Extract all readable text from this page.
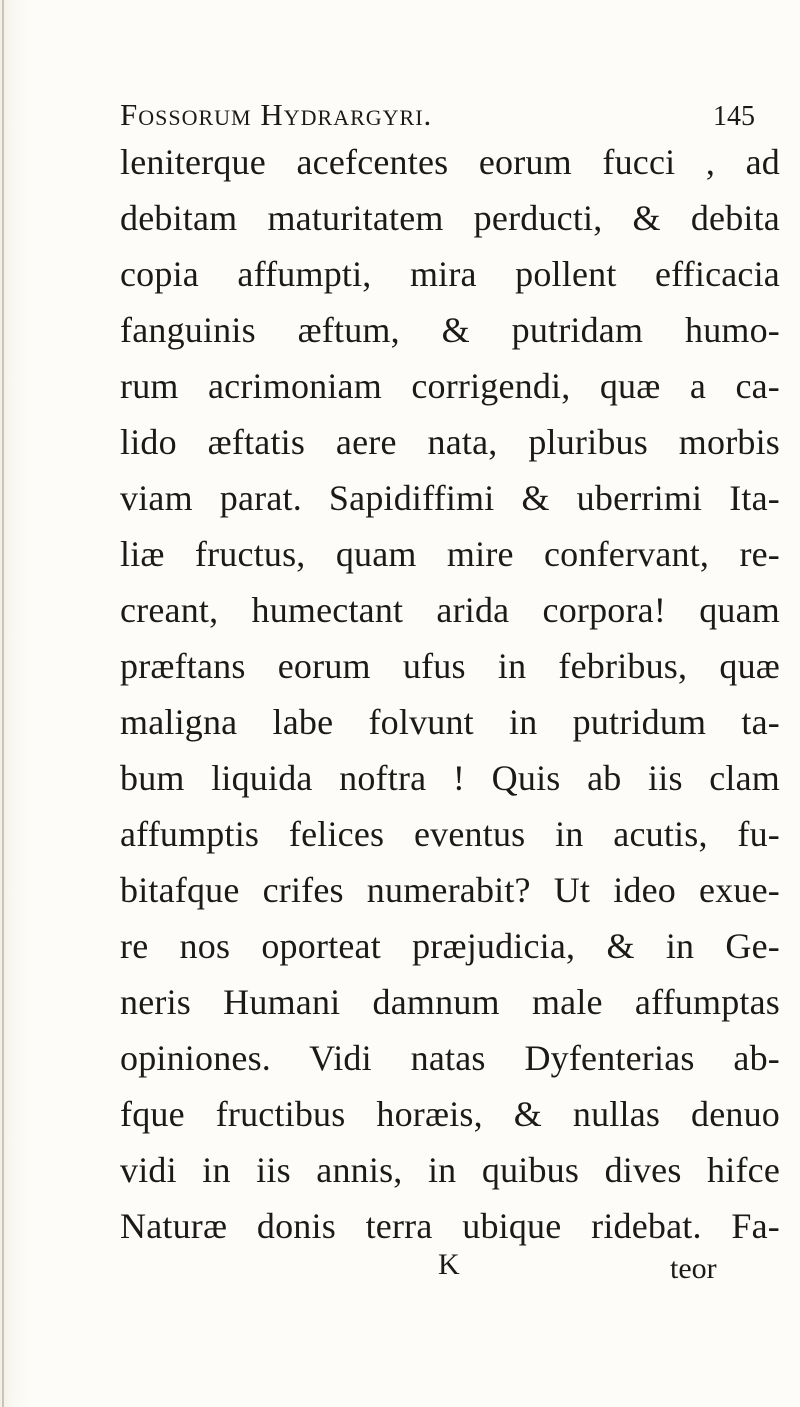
Fossorum Hydrargyri.	145
leniterque acefcentes eorum fucci , ad
debitam maturitatem perducti, & debita
copia affumpti, mira pollent efficacia
fanguinis æftum, & putridam humo-
rum acrimoniam corrigendi, quæ a ca-
lido æftatis aere nata, pluribus morbis
viam parat. Sapidiffimi & uberrimi Ita-
liæ fructus, quam mire confervant, re-
creant, humectant arida corpora! quam
præftans eorum ufus in febribus, quæ
maligna labe folvunt in putridum ta-
bum liquida noftra ! Quis ab iis clam
affumptis felices eventus in acutis, fu-
bitafque crifes numerabit? Ut ideo exue-
re nos oporteat præjudicia, & in Ge-
neris Humani damnum male affumptas
opiniones. Vidi natas Dyfenterias ab-
fque fructibus horæis, & nullas denuo
vidi in iis annis, in quibus dives hifce
Naturæ donis terra ubique ridebat. Fa-
K	teor
